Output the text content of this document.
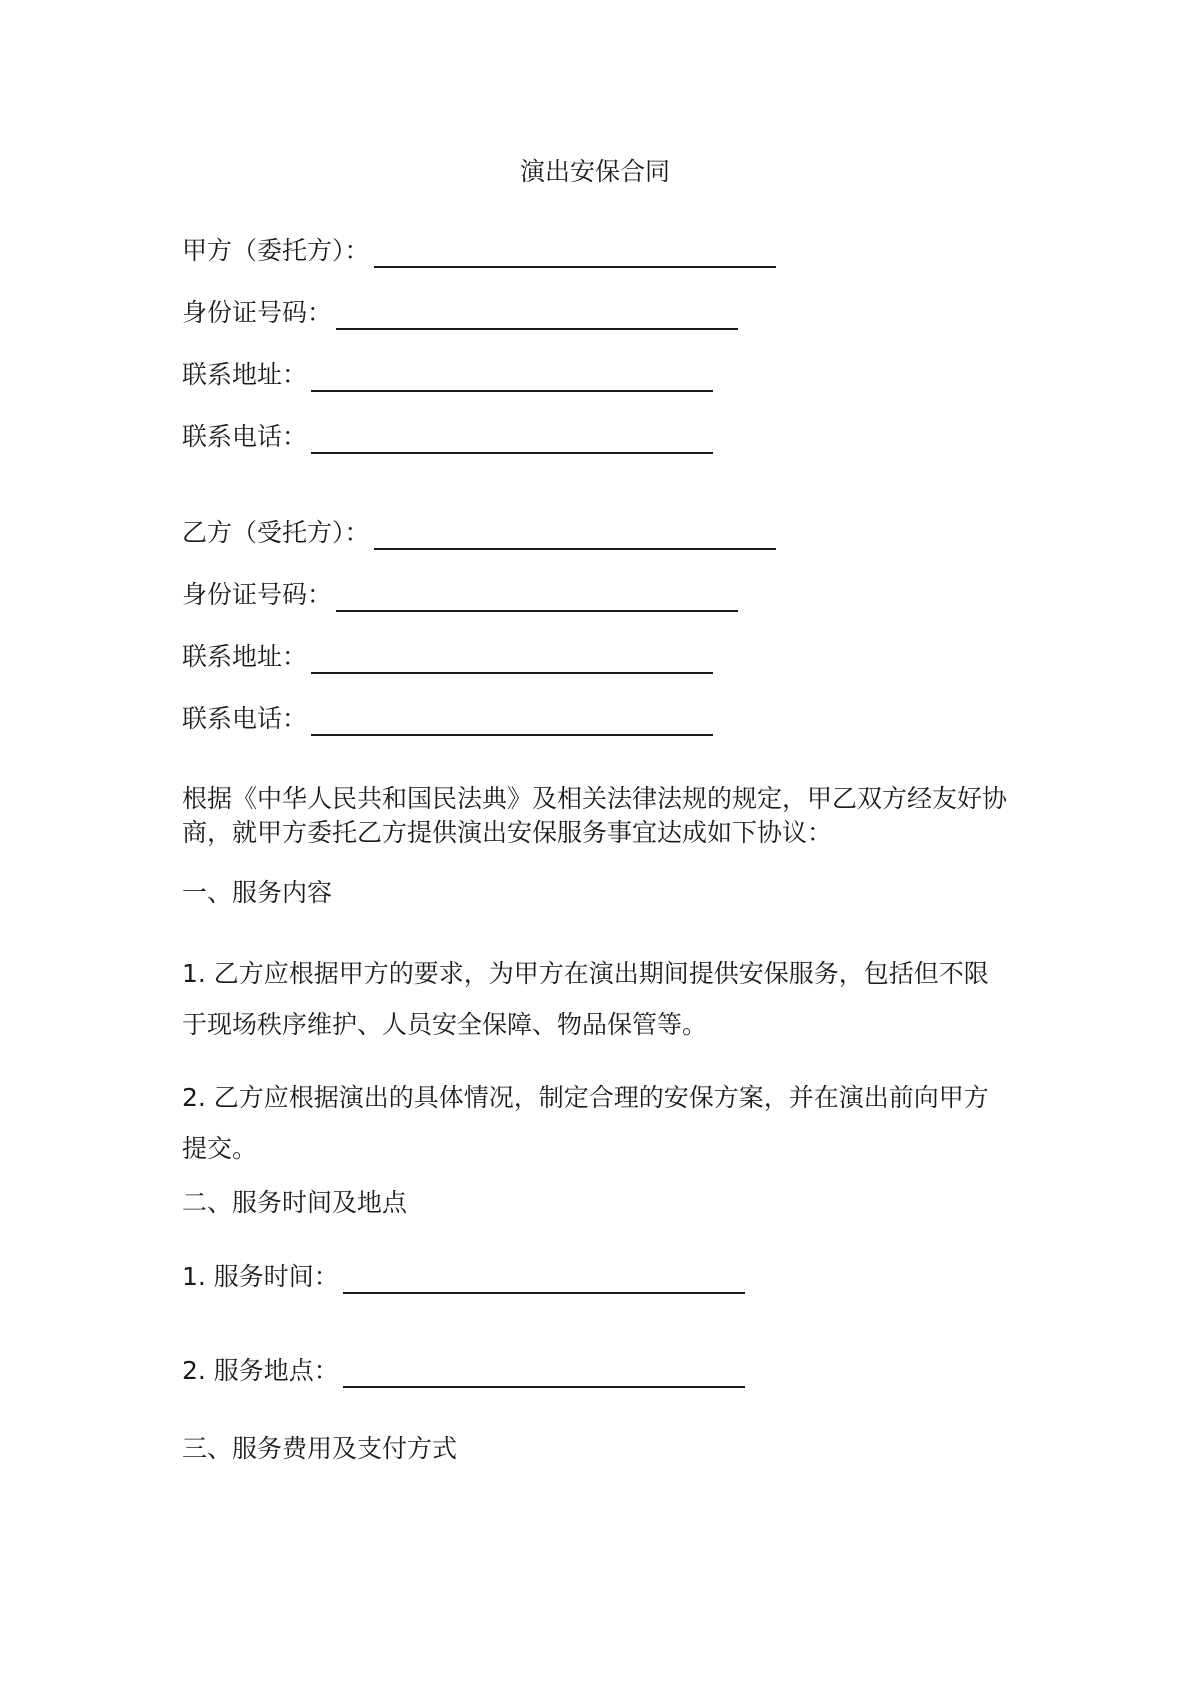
演出安保合同
甲方（委托方）：
身份证号码：
联系地址：
联系电话：
乙方（受托方）：
身份证号码：
联系地址：
联系电话：
根据《中华人民共和国民法典》及相关法律法规的规定，甲乙双方经友好协商，就甲方委托乙方提供演出安保服务事宜达成如下协议：
一、服务内容
1. 乙方应根据甲方的要求，为甲方在演出期间提供安保服务，包括但不限于现场秩序维护、人员安全保障、物品保管等。
2. 乙方应根据演出的具体情况，制定合理的安保方案，并在演出前向甲方提交。
二、服务时间及地点
1. 服务时间：
2. 服务地点：
三、服务费用及支付方式
